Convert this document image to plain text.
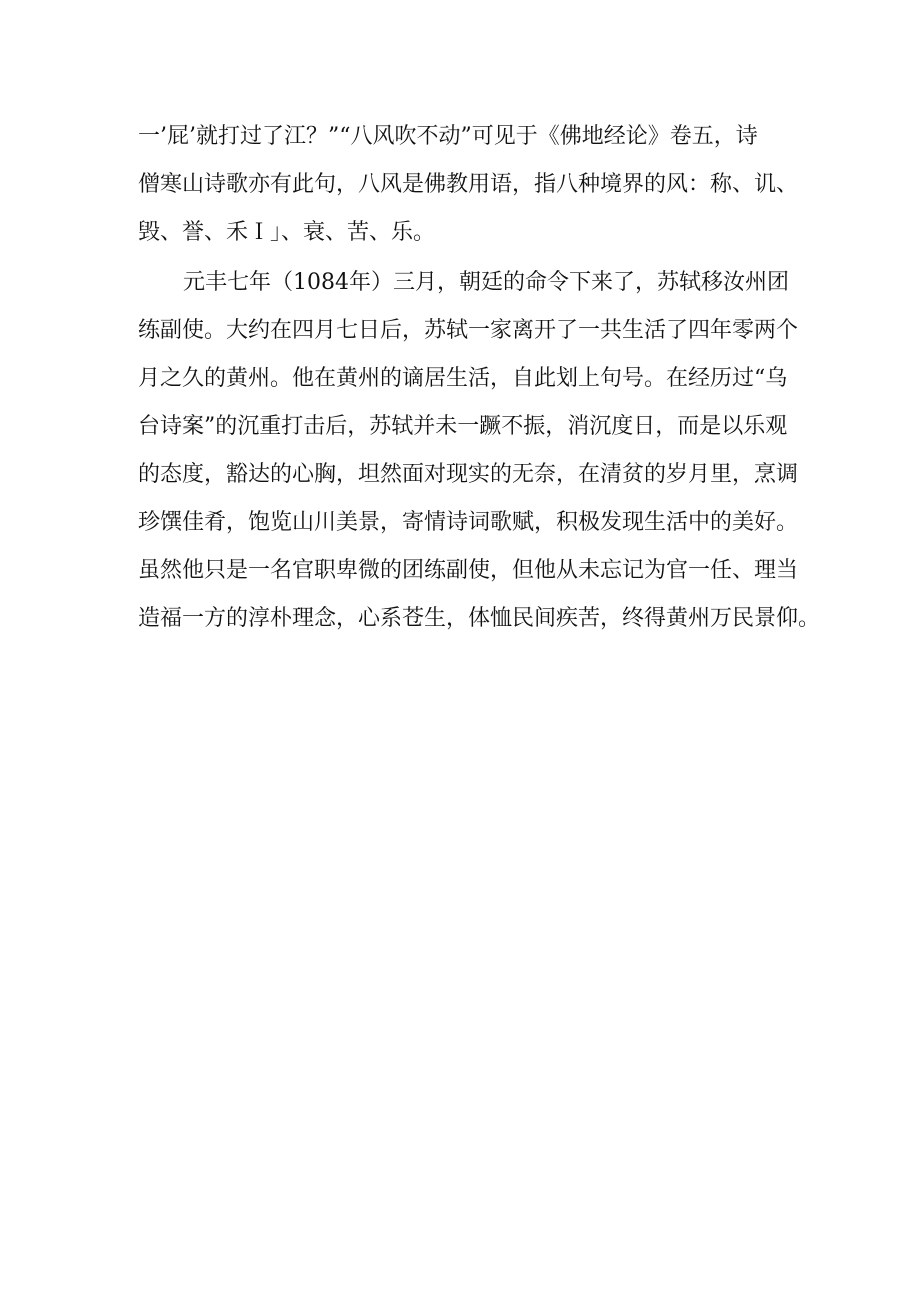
一’屁’就打过了江？”“八风吹不动”可见于《佛地经论》卷五，诗
僧寒山诗歌亦有此句，八风是佛教用语，指八种境界的风：称、讥、
毁、誉、禾Ｉ」、衰、苦、乐。
元丰七年（1084年）三月，朝廷的命令下来了，苏轼移汝州团
练副使。大约在四月七日后，苏轼一家离开了一共生活了四年零两个
月之久的黄州。他在黄州的谪居生活，自此划上句号。在经历过“乌
台诗案”的沉重打击后，苏轼并未一蹶不振，消沉度日，而是以乐观
的态度，豁达的心胸，坦然面对现实的无奈，在清贫的岁月里，烹调
珍馔佳肴，饱览山川美景，寄情诗词歌赋，积极发现生活中的美好。
虽然他只是一名官职卑微的团练副使，但他从未忘记为官一任、理当
造福一方的淳朴理念，心系苍生，体恤民间疾苦，终得黄州万民景仰。
